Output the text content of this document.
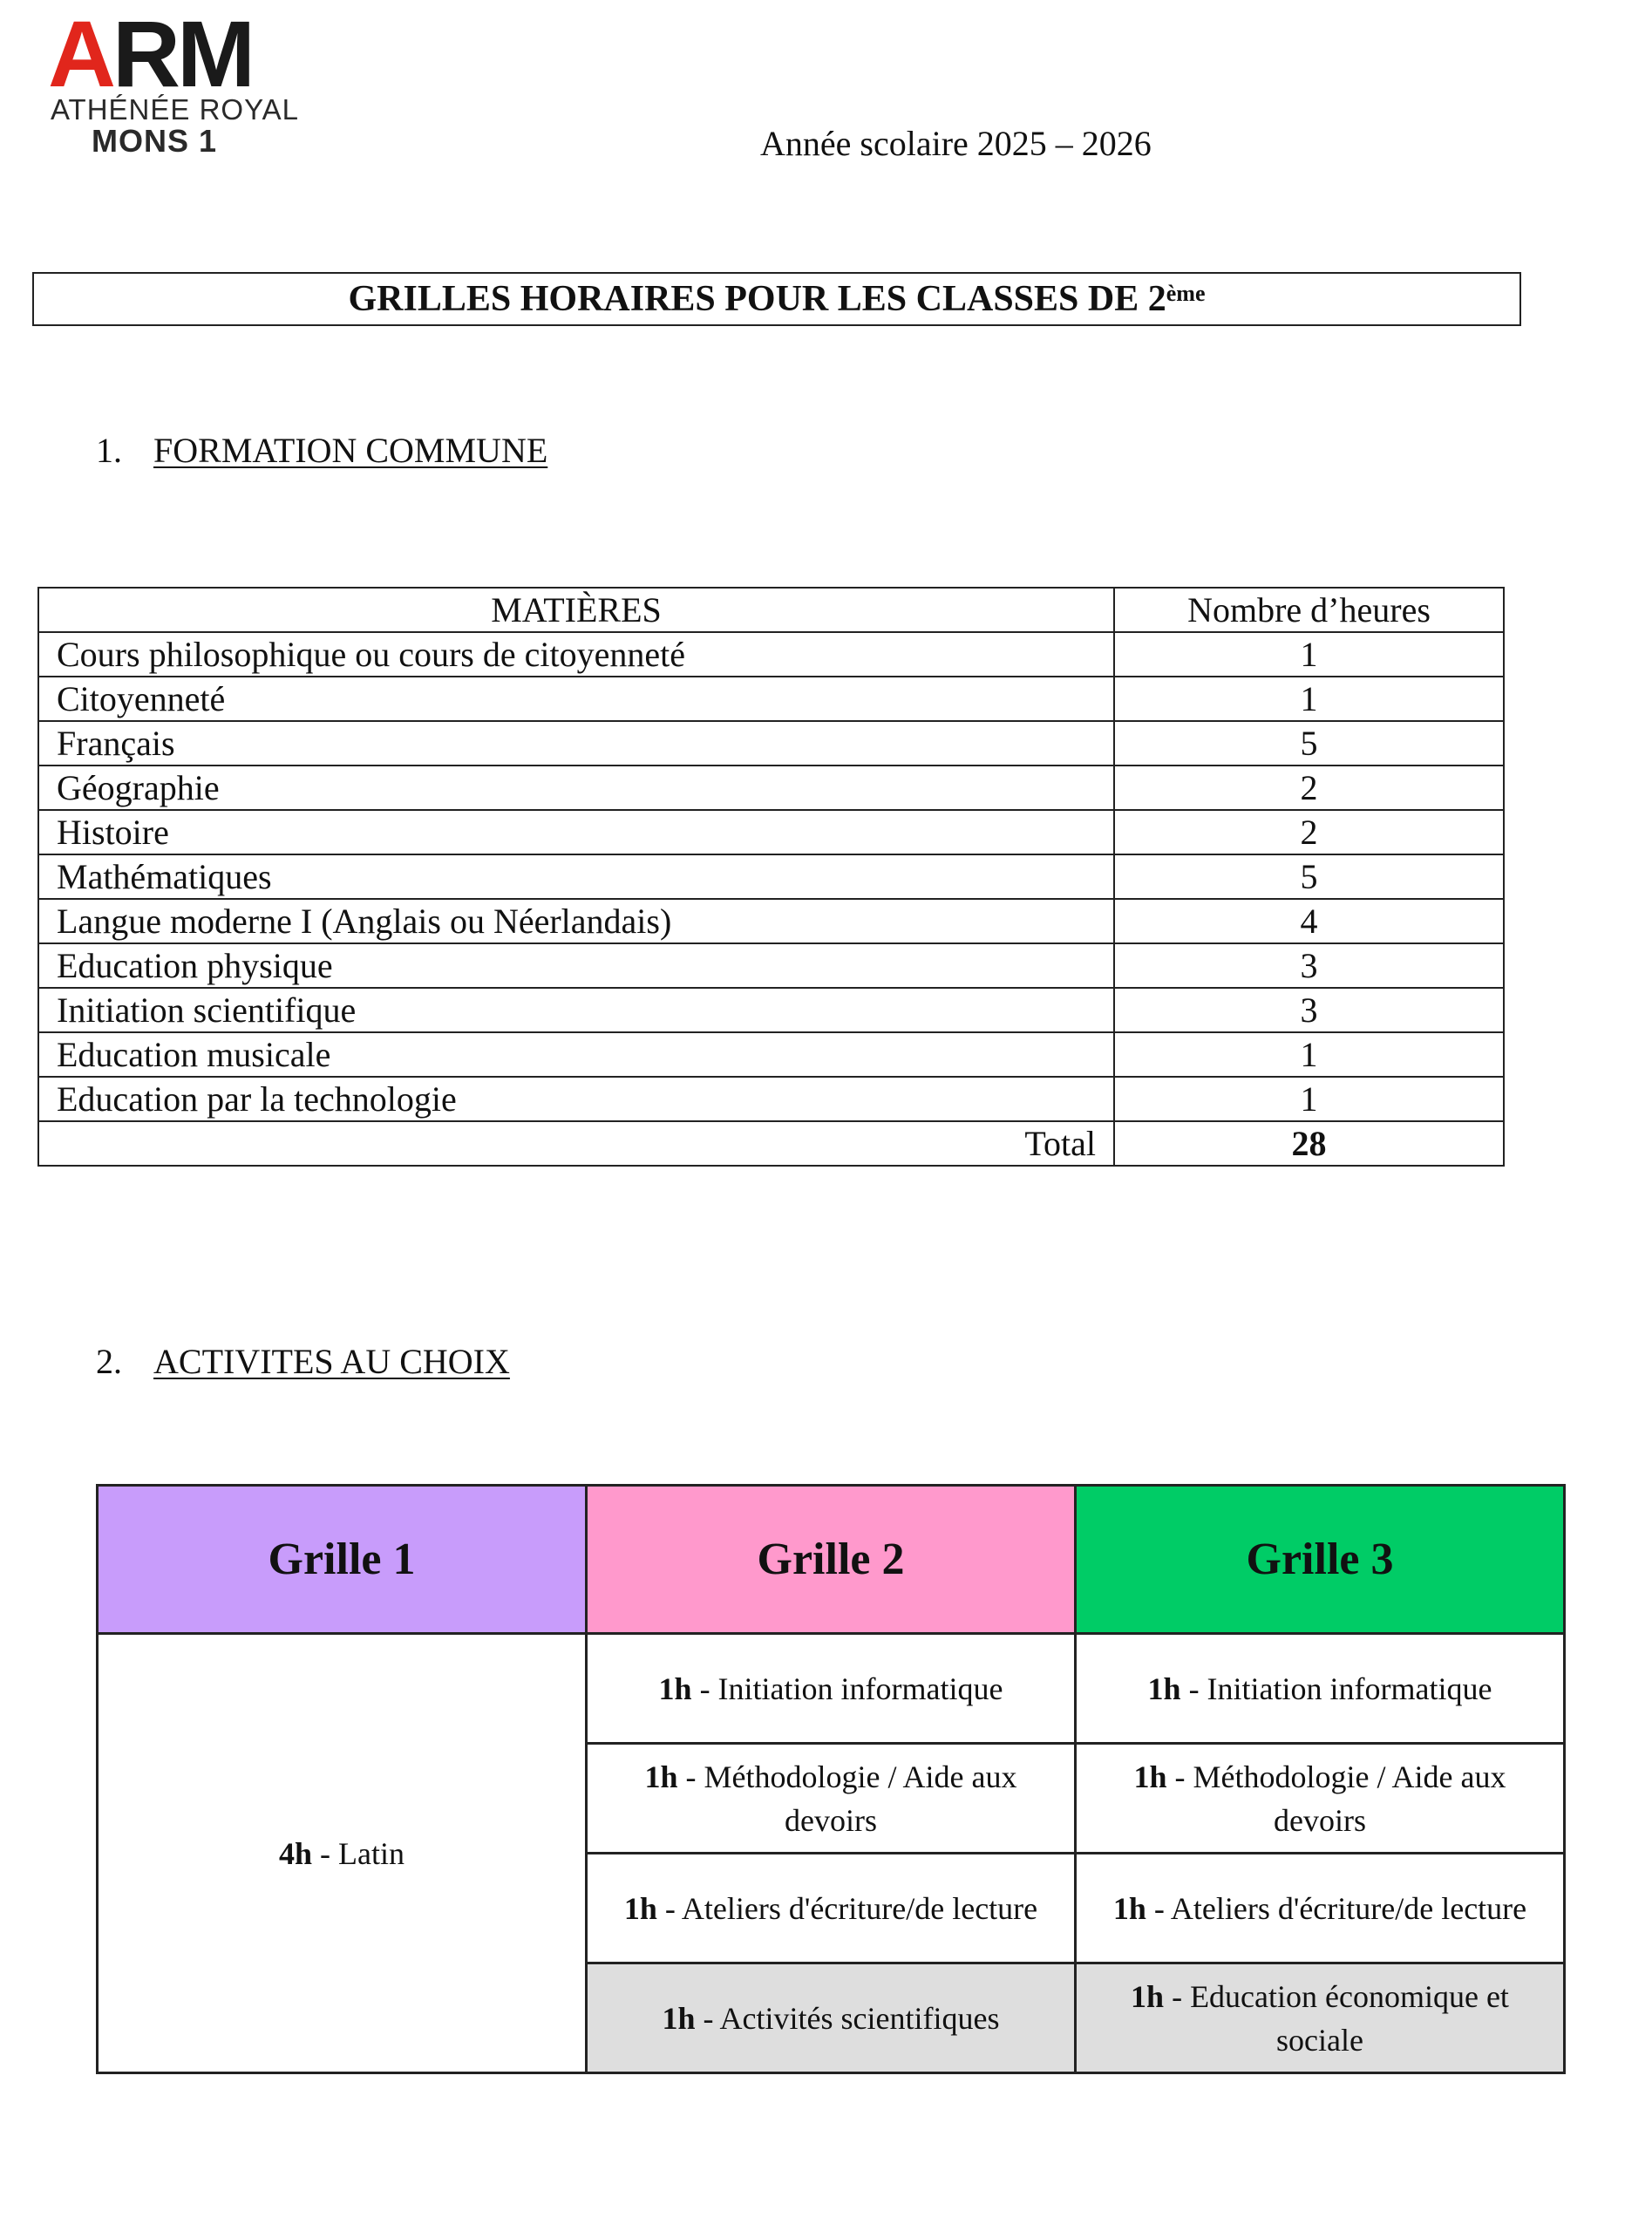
ARM
ATHÉNÉE ROYAL
MONS 1	Année scolaire 2025 – 2026
GRILLES HORAIRES POUR LES CLASSES DE 2ème
1. FORMATION COMMUNE
MATIÈRES	Nombre d’heures
Cours philosophique ou cours de citoyenneté	1
Citoyenneté	1
Français	5
Géographie	2
Histoire	2
Mathématiques	5
Langue moderne I (Anglais ou Néerlandais)	4
Education physique	3
Initiation scientifique	3
Education musicale	1
Education par la technologie	1
Total	28
2. ACTIVITES AU CHOIX
Grille 1	Grille 2	Grille 3
4h - Latin	1h - Initiation informatique	1h - Initiation informatique
	1h - Méthodologie / Aide aux devoirs	1h - Méthodologie / Aide aux devoirs
	1h - Ateliers d'écriture/de lecture	1h - Ateliers d'écriture/de lecture
	1h - Activités scientifiques	1h - Education économique et sociale
